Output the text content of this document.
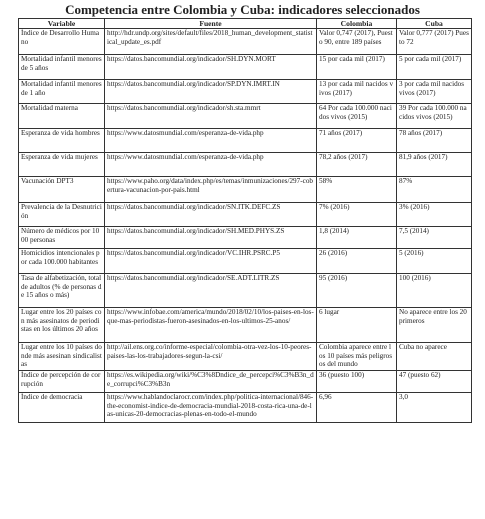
Competencia entre Colombia y Cuba: indicadores seleccionados
Variable	Fuente	Colombia	Cuba
Índice de Desarrollo Humano	http://hdr.undp.org/sites/default/files/2018_human_development_statistical_update_es.pdf	Valor 0,747 (2017), Puesto 90, entre 189 países	Valor 0,777 (2017) Puesto 72
Mortalidad infantil menores de 5 años	https://datos.bancomundial.org/indicador/SH.DYN.MORT	15 por cada mil (2017)	5 por cada mil (2017)
Mortalidad infantil menores de 1 año	https://datos.bancomundial.org/indicador/SP.DYN.IMRT.IN	13 por cada mil nacidos vivos (2017)	3 por cada mil nacidos vivos (2017)
Mortalidad materna	https://datos.bancomundial.org/indicador/sh.sta.mmrt	64 Por cada 100.000 nacidos vivos (2015)	39 Por cada 100.000 nacidos vivos (2015)
Esperanza de vida hombres	https://www.datosmundial.com/esperanza-de-vida.php	71 años (2017)	78 años (2017)
Esperanza de vida mujeres	https://www.datosmundial.com/esperanza-de-vida.php	78,2 años (2017)	81,9 años (2017)
Vacunación DPT3	https://www.paho.org/data/index.php/es/temas/inmunizaciones/297-cobertura-vacunacion-por-pais.html	58%	87%
Prevalencia de la Desnutrición	https://datos.bancomundial.org/indicador/SN.ITK.DEFC.ZS	7% (2016)	3% (2016)
Número de médicos por 1000 personas	https://datos.bancomundial.org/indicador/SH.MED.PHYS.ZS	1,8 (2014)	7,5 (2014)
Homicidios intencionales por cada 100.000 habitantes	https://datos.bancomundial.org/indicador/VC.IHR.PSRC.P5	26 (2016)	5 (2016)
Tasa de alfabetización, total de adultos (% de personas de 15 años o más)	https://datos.bancomundial.org/indicador/SE.ADT.LITR.ZS	95 (2016)	100 (2016)
Lugar entre los 20 países con más asesinatos de periodistas en los últimos 20 años	https://www.infobae.com/america/mundo/2018/02/10/los-paises-en-los-que-mas-periodistas-fueron-asesinados-en-los-ultimos-25-anos/	6 lugar	No aparece entre los 20 primeros
Lugar entre los 10 países donde más asesinan sindicalistas	http://ail.ens.org.co/informe-especial/colombia-otra-vez-los-10-peores-paises-las-los-trabajadores-segun-la-csi/	Colombia aparece entre los 10 países más peligrosos del mundo	Cuba no aparece
Índice de percepción de corrupción	https://es.wikipedia.org/wiki/%C3%8Dndice_de_percepci%C3%B3n_de_corrupci%C3%B3n	36 (puesto 100)	47 (puesto 62)
Índice de democracia	https://www.hablandoclarocr.com/index.php/politica-internacional/846-the-economist-indice-de-democracia-mundial-2018-costa-rica-una-de-las-unicas-20-democracias-plenas-en-todo-el-mundo	6,96	3,0
